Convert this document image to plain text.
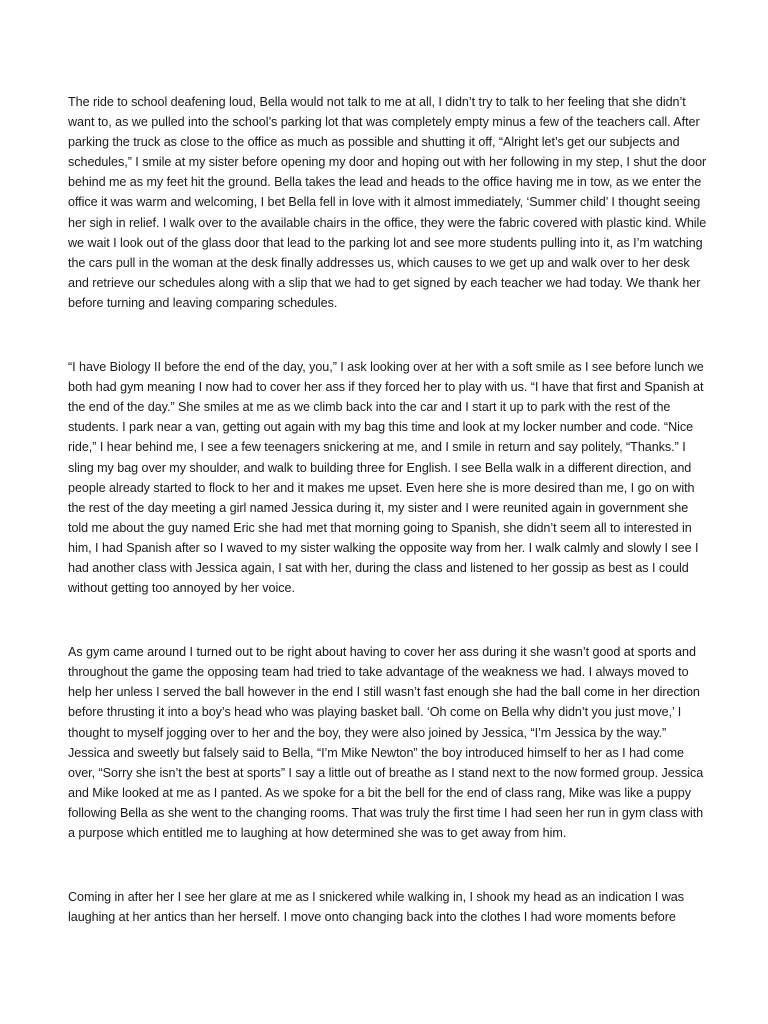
The ride to school deafening loud, Bella would not talk to me at all, I didn’t try to talk to her feeling that she didn’t want to, as we pulled into the school’s parking lot that was completely empty minus a few of the teachers call. After parking the truck as close to the office as much as possible and shutting it off, “Alright let’s get our subjects and schedules,” I smile at my sister before opening my door and hoping out with her following in my step, I shut the door behind me as my feet hit the ground. Bella takes the lead and heads to the office having me in tow, as we enter the office it was warm and welcoming, I bet Bella fell in love with it almost immediately, ‘Summer child’ I thought seeing her sigh in relief. I walk over to the available chairs in the office, they were the fabric covered with plastic kind. While we wait I look out of the glass door that lead to the parking lot and see more students pulling into it, as I’m watching the cars pull in the woman at the desk finally addresses us, which causes to we get up and walk over to her desk and retrieve our schedules along with a slip that we had to get signed by each teacher we had today. We thank her before turning and leaving comparing schedules.

“I have Biology II before the end of the day, you,” I ask looking over at her with a soft smile as I see before lunch we both had gym meaning I now had to cover her ass if they forced her to play with us. “I have that first and Spanish at the end of the day.” She smiles at me as we climb back into the car and I start it up to park with the rest of the students. I park near a van, getting out again with my bag this time and look at my locker number and code. “Nice ride,” I hear behind me, I see a few teenagers snickering at me, and I smile in return and say politely, “Thanks.” I sling my bag over my shoulder, and walk to building three for English. I see Bella walk in a different direction, and people already started to flock to her and it makes me upset. Even here she is more desired than me, I go on with the rest of the day meeting a girl named Jessica during it, my sister and I were reunited again in government she told me about the guy named Eric she had met that morning going to Spanish, she didn’t seem all to interested in him, I had Spanish after so I waved to my sister walking the opposite way from her. I walk calmly and slowly I see I had another class with Jessica again, I sat with her, during the class and listened to her gossip as best as I could without getting too annoyed by her voice.

As gym came around I turned out to be right about having to cover her ass during it she wasn’t good at sports and throughout the game the opposing team had tried to take advantage of the weakness we had. I always moved to help her unless I served the ball however in the end I still wasn’t fast enough she had the ball come in her direction before thrusting it into a boy’s head who was playing basket ball. ‘Oh come on Bella why didn’t you just move,’ I thought to myself jogging over to her and the boy, they were also joined by Jessica, “I’m Jessica by the way.” Jessica and sweetly but falsely said to Bella, “I’m Mike Newton” the boy introduced himself to her as I had come over, “Sorry she isn’t the best at sports” I say a little out of breathe as I stand next to the now formed group. Jessica and Mike looked at me as I panted. As we spoke for a bit the bell for the end of class rang, Mike was like a puppy following Bella as she went to the changing rooms. That was truly the first time I had seen her run in gym class with a purpose which entitled me to laughing at how determined she was to get away from him.

Coming in after her I see her glare at me as I snickered while walking in, I shook my head as an indication I was laughing at her antics than her herself. I move onto changing back into the clothes I had wore moments before
